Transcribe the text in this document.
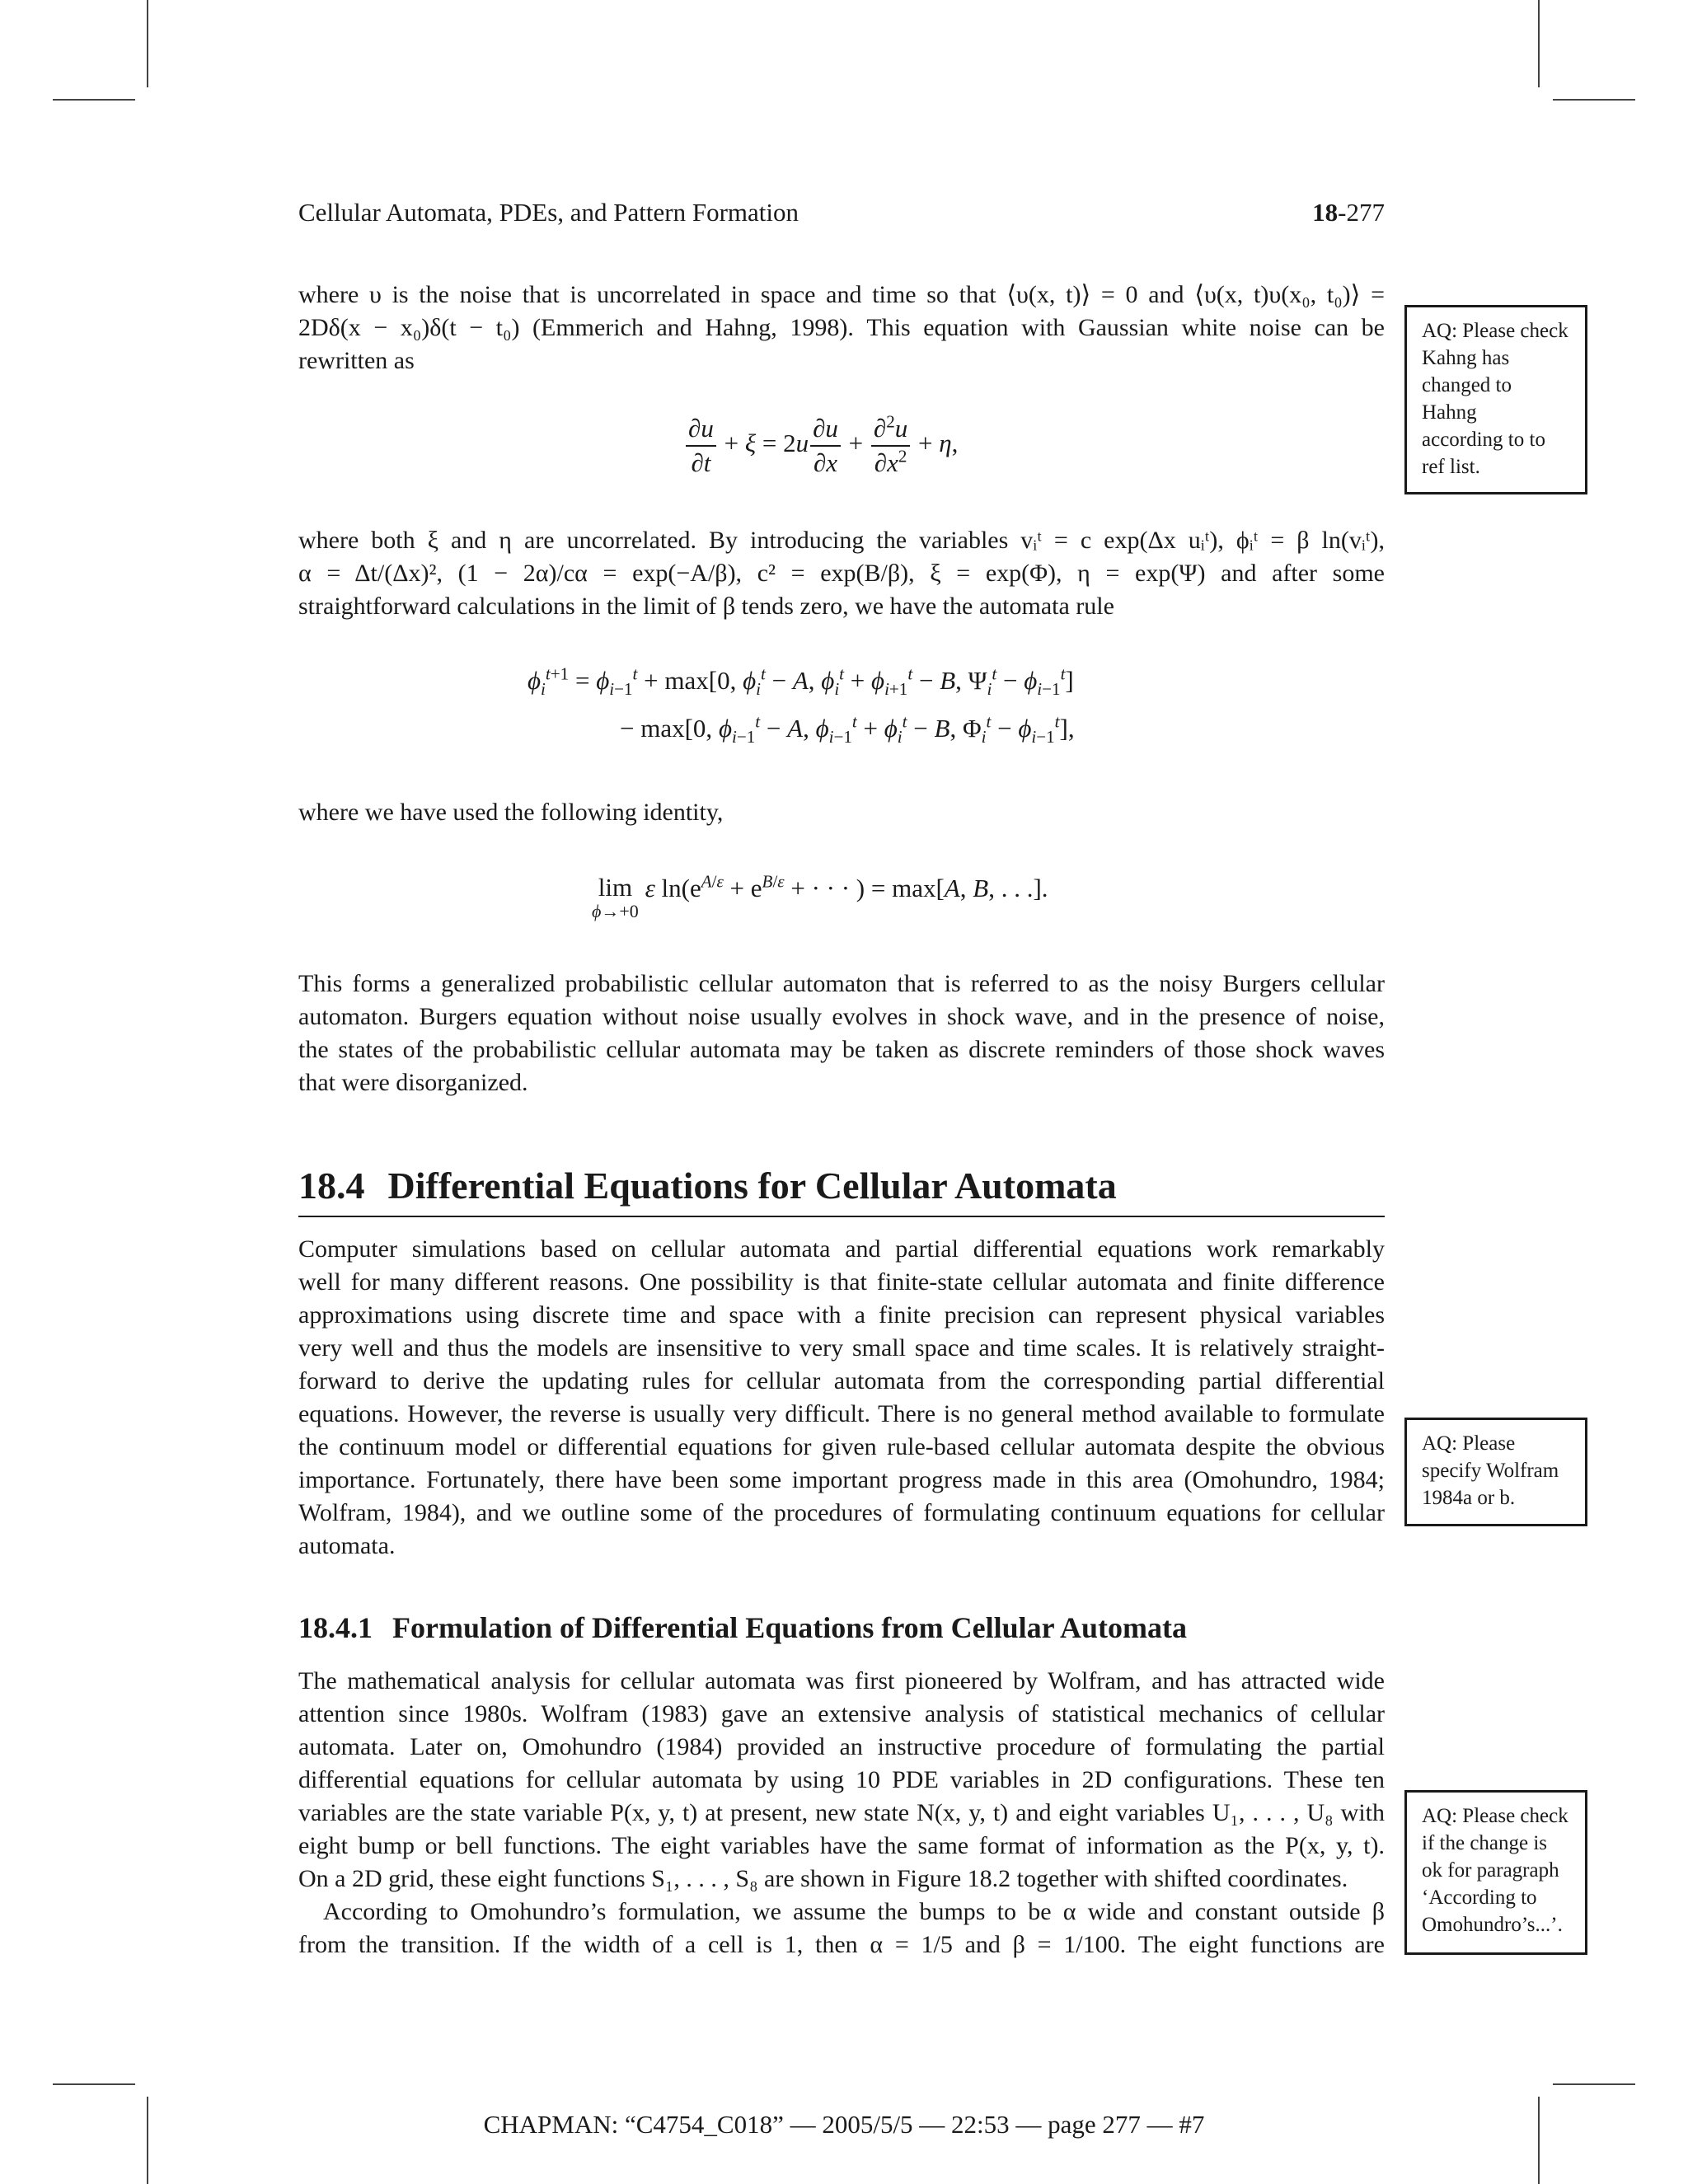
Cellular Automata, PDEs, and Pattern Formation	18-277
where υ is the noise that is uncorrelated in space and time so that ⟨υ(x, t)⟩ = 0 and ⟨υ(x, t)υ(x₀, t₀)⟩ =
2Dδ(x − x₀)δ(t − t₀) (Emmerich and Hahng, 1998). This equation with Gaussian white noise can be
rewritten as
$\frac{\partial u}{\partial t} + \xi = 2u \frac{\partial u}{\partial x} + \frac{\partial^2u}{\partial x^2} + \eta$,
where both ξ and η are uncorrelated. By introducing the variables vᵢᵗ = c exp(Δx uᵢᵗ), ϕᵢᵗ = β ln(vᵢᵗ),
α = Δt/(Δx)², (1 − 2α)/cα = exp(−A/β), c² = exp(B/β), ξ = exp(Φ), η = exp(Ψ) and after some
straightforward calculations in the limit of β tends zero, we have the automata rule
$\phi_i^{t+1} = \phi_{i-1}^t + \max[0$, $\phi_i^t - A$, $\phi_i^t + \phi_{i+1}^t - B$, $\Psi_i^t - \phi_{i-1}^t$]
− max[0, $\phi_{i-1}^t - A$, $\phi_{i-1}^t + \phi_i^t - B$, $\Phi_i^t - \phi_{i-1}^t$],
where we have used the following identity,
lim
ϕ→+0
ε $\ln(e^{A/\varepsilon} + e^{B/\varepsilon}$ + · · · ) = max[A, B, . . .].
This forms a generalized probabilistic cellular automaton that is referred to as the noisy Burgers cellular
automaton. Burgers equation without noise usually evolves in shock wave, and in the presence of noise,
the states of the probabilistic cellular automata may be taken as discrete reminders of those shock waves
that were disorganized.
18.4 Differential Equations for Cellular Automata
Computer simulations based on cellular automata and partial differential equations work remarkably
well for many different reasons. One possibility is that finite-state cellular automata and finite difference
approximations using discrete time and space with a finite precision can represent physical variables
very well and thus the models are insensitive to very small space and time scales. It is relatively straight-
forward to derive the updating rules for cellular automata from the corresponding partial differential
equations. However, the reverse is usually very difficult. There is no general method available to formulate
the continuum model or differential equations for given rule-based cellular automata despite the obvious
importance. Fortunately, there have been some important progress made in this area (Omohundro, 1984;
Wolfram, 1984), and we outline some of the procedures of formulating continuum equations for cellular
automata.
18.4.1 Formulation of Differential Equations from Cellular Automata
The mathematical analysis for cellular automata was first pioneered by Wolfram, and has attracted wide
attention since 1980s. Wolfram (1983) gave an extensive analysis of statistical mechanics of cellular
automata. Later on, Omohundro (1984) provided an instructive procedure of formulating the partial
differential equations for cellular automata by using 10 PDE variables in 2D configurations. These ten
variables are the state variable P(x, y, t) at present, new state N(x, y, t) and eight variables U₁, . . . , U₈ with
eight bump or bell functions. The eight variables have the same format of information as the P(x, y, t).
On a 2D grid, these eight functions S₁, . . . , S₈ are shown in Figure 18.2 together with shifted coordinates.
According to Omohundro’s formulation, we assume the bumps to be α wide and constant outside β
from the transition. If the width of a cell is 1, then α = 1/5 and β = 1/100. The eight functions are
AQ: Please check
Kahng has
changed to
Hahng
according to to
ref list.
AQ: Please
specify Wolfram
1984a or b.
AQ: Please check
if the change is
ok for paragraph
‘According to
Omohundro’s...’.
CHAPMAN: “C4754_C018” — 2005/5/5 — 22:53 — page 277 — #7
